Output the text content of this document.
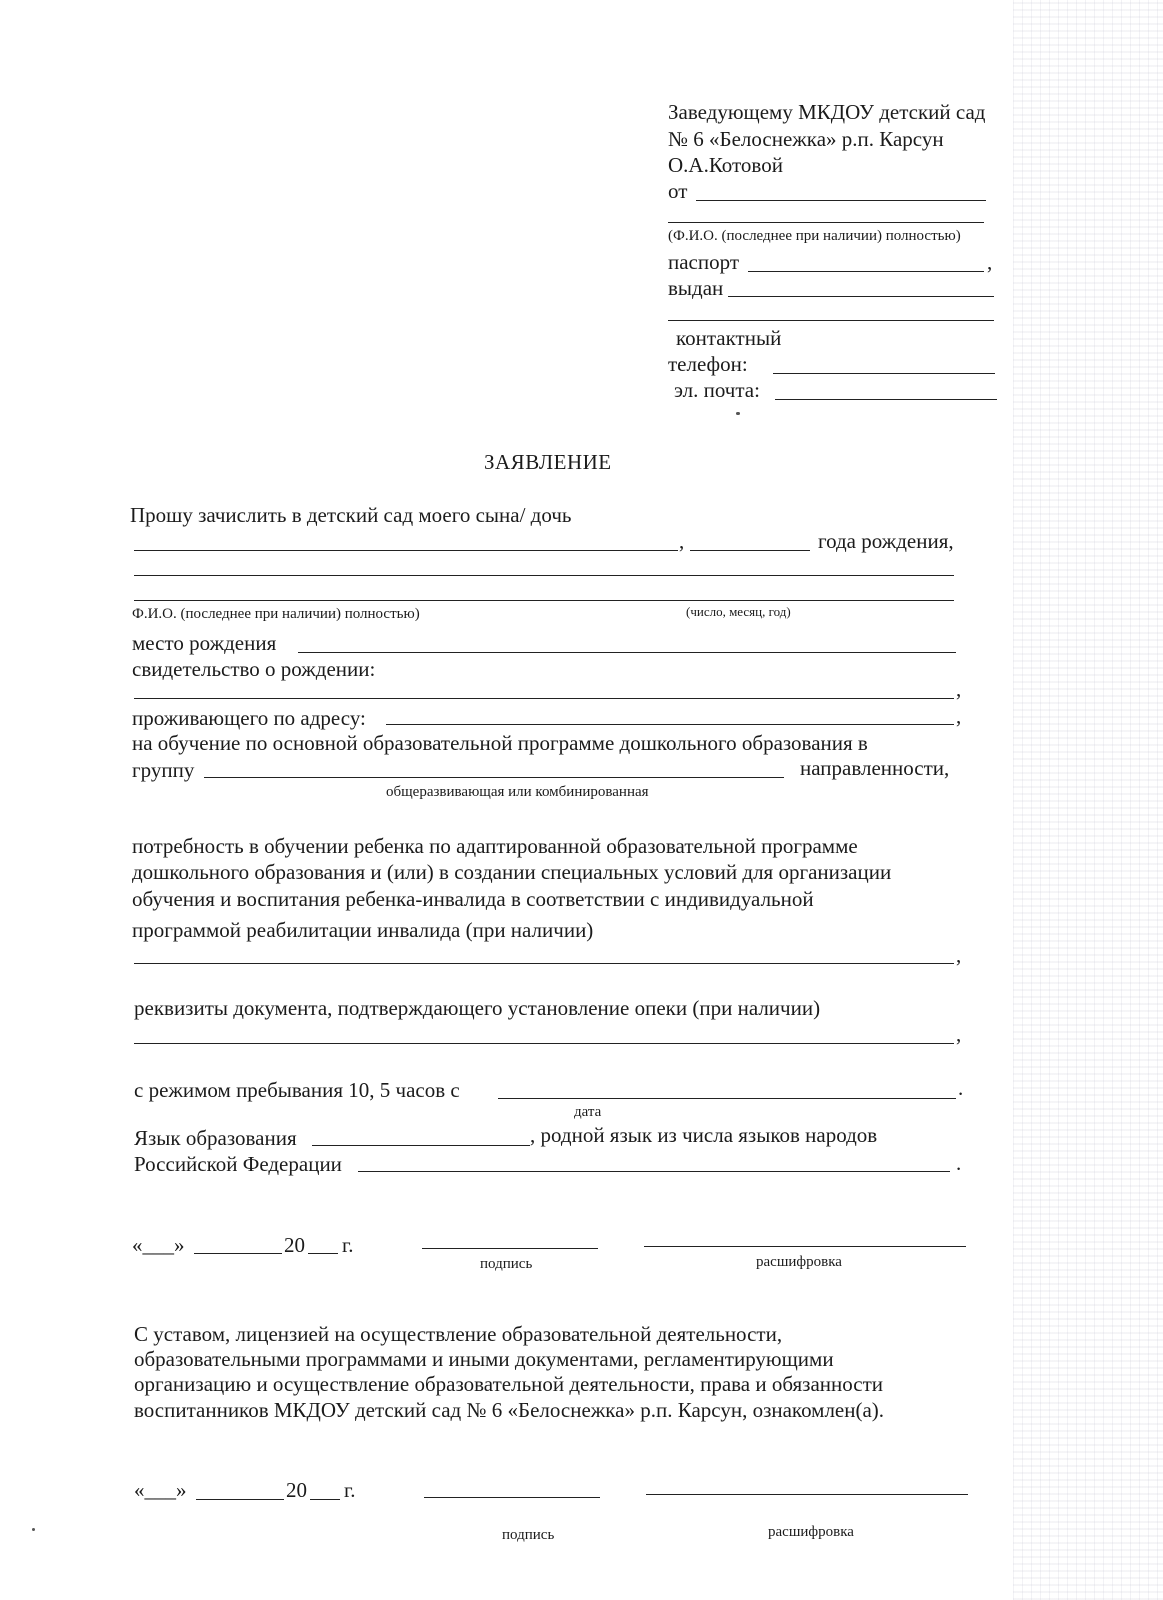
Заведующему МКДОУ детский сад
№ 6 «Белоснежка» р.п. Карсун
О.А.Котовой
от
(Ф.И.О. (последнее при наличии) полностью)
паспорт	,
выдан
контактный
телефон:
эл. почта:
ЗАЯВЛЕНИЕ
Прошу зачислить в детский сад моего сына/ дочь
,	года рождения,
Ф.И.О. (последнее при наличии) полностью)	(число, месяц, год)
место рождения
свидетельство о рождении:
,
проживающего по адресу:	,
на обучение по основной образовательной программе дошкольного образования в
группу	направленности,
общеразвивающая или комбинированная
потребность в обучении ребенка по адаптированной образовательной программе
дошкольного образования и (или) в создании специальных условий для организации
обучения и воспитания ребенка-инвалида в соответствии с индивидуальной
программой реабилитации инвалида (при наличии)
,
реквизиты документа, подтверждающего установление опеки (при наличии)
,
с режимом пребывания 10, 5 часов с	.
дата
Язык образования	, родной язык из числа языков народов
Российской Федерации	.
«___»	20 г.
подпись	расшифровка
С уставом, лицензией на осуществление образовательной деятельности,
образовательными программами и иными документами, регламентирующими
организацию и осуществление образовательной деятельности, права и обязанности
воспитанников МКДОУ детский сад № 6 «Белоснежка» р.п. Карсун, ознакомлен(а).
«___»	20 г.
подпись	расшифровка
